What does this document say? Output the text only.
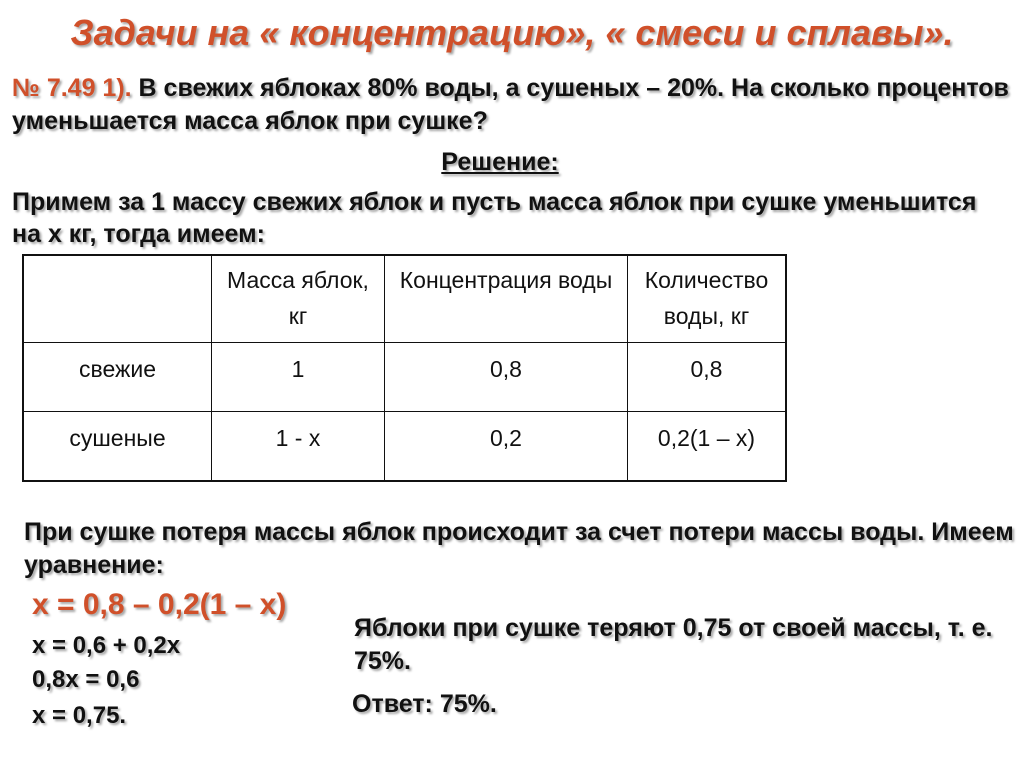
Задачи на « концентрацию», « смеси и сплавы».
№ 7.49 1). В свежих яблоках 80% воды, а сушеных – 20%. На сколько процентов уменьшается масса яблок при сушке?
Решение:
Примем за 1 массу свежих яблок и пусть масса яблок при сушке уменьшится на х кг, тогда имеем:
	Масса яблок, кг	Концентрация воды	Количество воды, кг
свежие	1	0,8	0,8
сушеные	1 - х	0,2	0,2(1 – х)
При сушке потеря массы яблок происходит за счет потери массы воды. Имеем уравнение:
х = 0,8 – 0,2(1 – х)
х = 0,6 + 0,2х
0,8х = 0,6
х = 0,75.
Яблоки при сушке теряют 0,75 от своей массы, т. е. 75%.
Ответ: 75%.
